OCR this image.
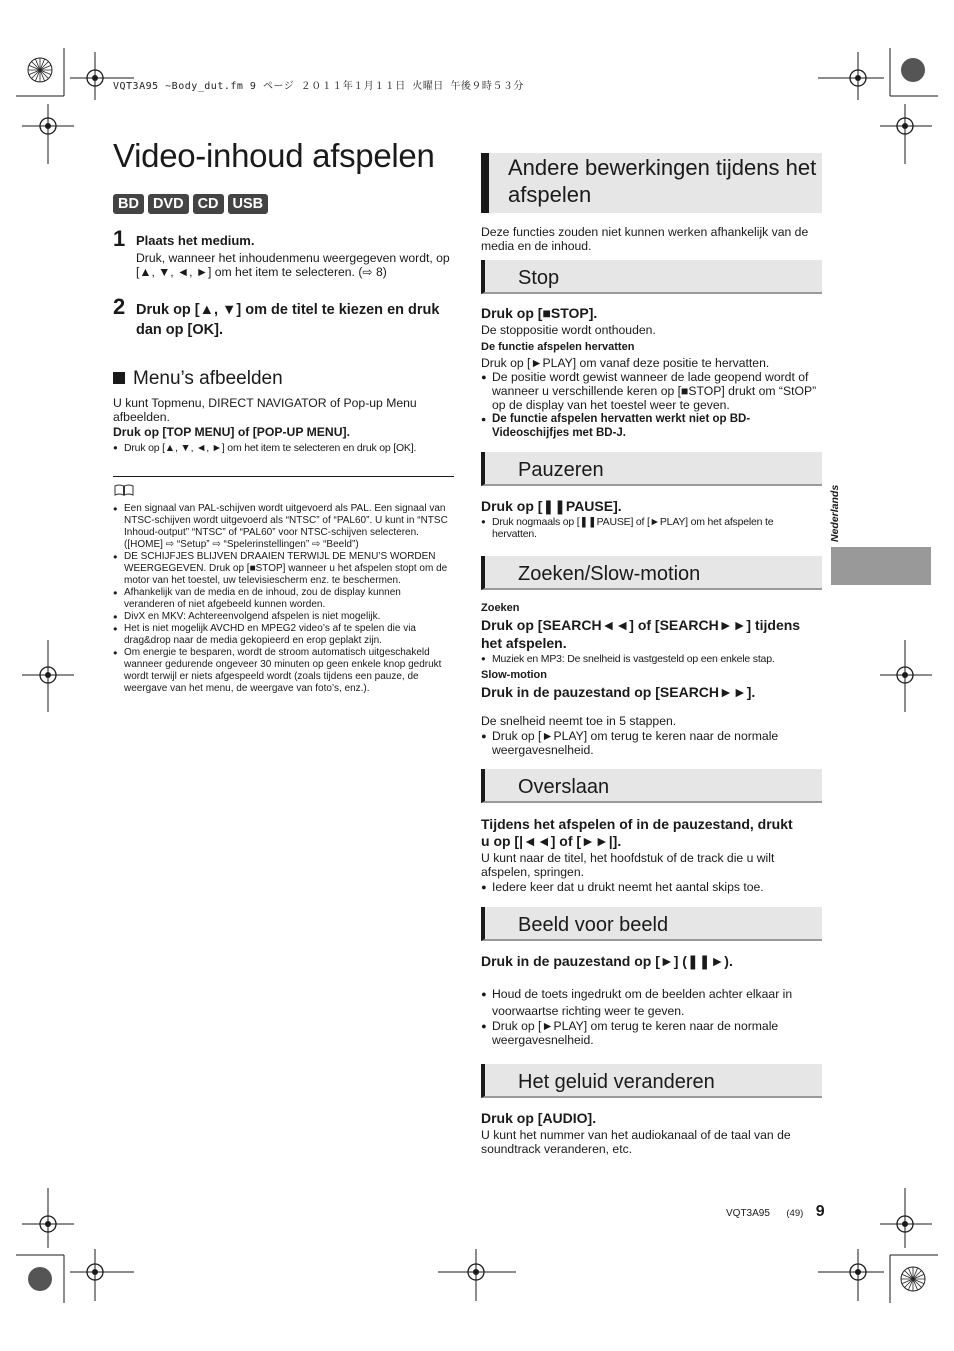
VQT3A95 ~Body_dut.fm 9 ページ ２０１１年１月１１日 火曜日 午後９時５３分
Video-inhoud afspelen
BD DVD CD USB
1 Plaats het medium.
Druk, wanneer het inhoudenmenu weergegeven wordt, op [▲, ▼, ◄, ►] om het item te selecteren. (⇨ 8)
2 Druk op [▲, ▼] om de titel te kiezen en druk dan op [OK].
Menu’s afbeelden
U kunt Topmenu, DIRECT NAVIGATOR of Pop-up Menu afbeelden.
Druk op [TOP MENU] of [POP-UP MENU].
● Druk op [▲, ▼, ◄, ►] om het item te selecteren en druk op [OK].
● Een signaal van PAL-schijven wordt uitgevoerd als PAL. Een signaal van NTSC-schijven wordt uitgevoerd als “NTSC” of “PAL60”. U kunt in “NTSC Inhoud-output” “NTSC” of “PAL60” voor NTSC-schijven selecteren. ([HOME] ⇨ “Setup” ⇨ “Spelerinstellingen” ⇨ “Beeld”)
● DE SCHIJFJES BLIJVEN DRAAIEN TERWIJL DE MENU’S WORDEN WEERGEGEVEN. Druk op [■STOP] wanneer u het afspelen stopt om de motor van het toestel, uw televisiescherm enz. te beschermen.
● Afhankelijk van de media en de inhoud, zou de display kunnen veranderen of niet afgebeeld kunnen worden.
● DivX en MKV: Achtereenvolgend afspelen is niet mogelijk.
● Het is niet mogelijk AVCHD en MPEG2 video’s af te spelen die via drag&drop naar de media gekopieerd en erop geplakt zijn.
● Om energie te besparen, wordt de stroom automatisch uitgeschakeld wanneer gedurende ongeveer 30 minuten op geen enkele knop gedrukt wordt terwijl er niets afgespeeld wordt (zoals tijdens een pauze, de weergave van het menu, de weergave van foto’s, enz.).
Andere bewerkingen tijdens het afspelen
Deze functies zouden niet kunnen werken afhankelijk van de media en de inhoud.
Stop
Druk op [■STOP].
De stoppositie wordt onthouden.
De functie afspelen hervatten
Druk op [►PLAY] om vanaf deze positie te hervatten.
● De positie wordt gewist wanneer de lade geopend wordt of wanneer u verschillende keren op [■STOP] drukt om “StOP” op de display van het toestel weer te geven.
● De functie afspelen hervatten werkt niet op BD-Videoschijfjes met BD-J.
Pauzeren
Druk op [❚❚PAUSE].
● Druk nogmaals op [❚❚PAUSE] of [►PLAY] om het afspelen te hervatten.
Zoeken/Slow-motion
Zoeken
Druk op [SEARCH◄◄] of [SEARCH►►] tijdens het afspelen.
● Muziek en MP3: De snelheid is vastgesteld op een enkele stap.
Slow-motion
Druk in de pauzestand op [SEARCH►►].
De snelheid neemt toe in 5 stappen.
● Druk op [►PLAY] om terug te keren naar de normale weergavesnelheid.
Overslaan
Tijdens het afspelen of in de pauzestand, drukt u op [|◄◄] of [►►|].
U kunt naar de titel, het hoofdstuk of de track die u wilt afspelen, springen.
● Iedere keer dat u drukt neemt het aantal skips toe.
Beeld voor beeld
Druk in de pauzestand op [►] (❚❚►).
● Houd de toets ingedrukt om de beelden achter elkaar in voorwaartse richting weer te geven.
● Druk op [►PLAY] om terug te keren naar de normale weergavesnelheid.
Het geluid veranderen
Druk op [AUDIO].
U kunt het nummer van het audiokanaal of de taal van de soundtrack veranderen, etc.
Nederlands
VQT3A95 (49) 9
